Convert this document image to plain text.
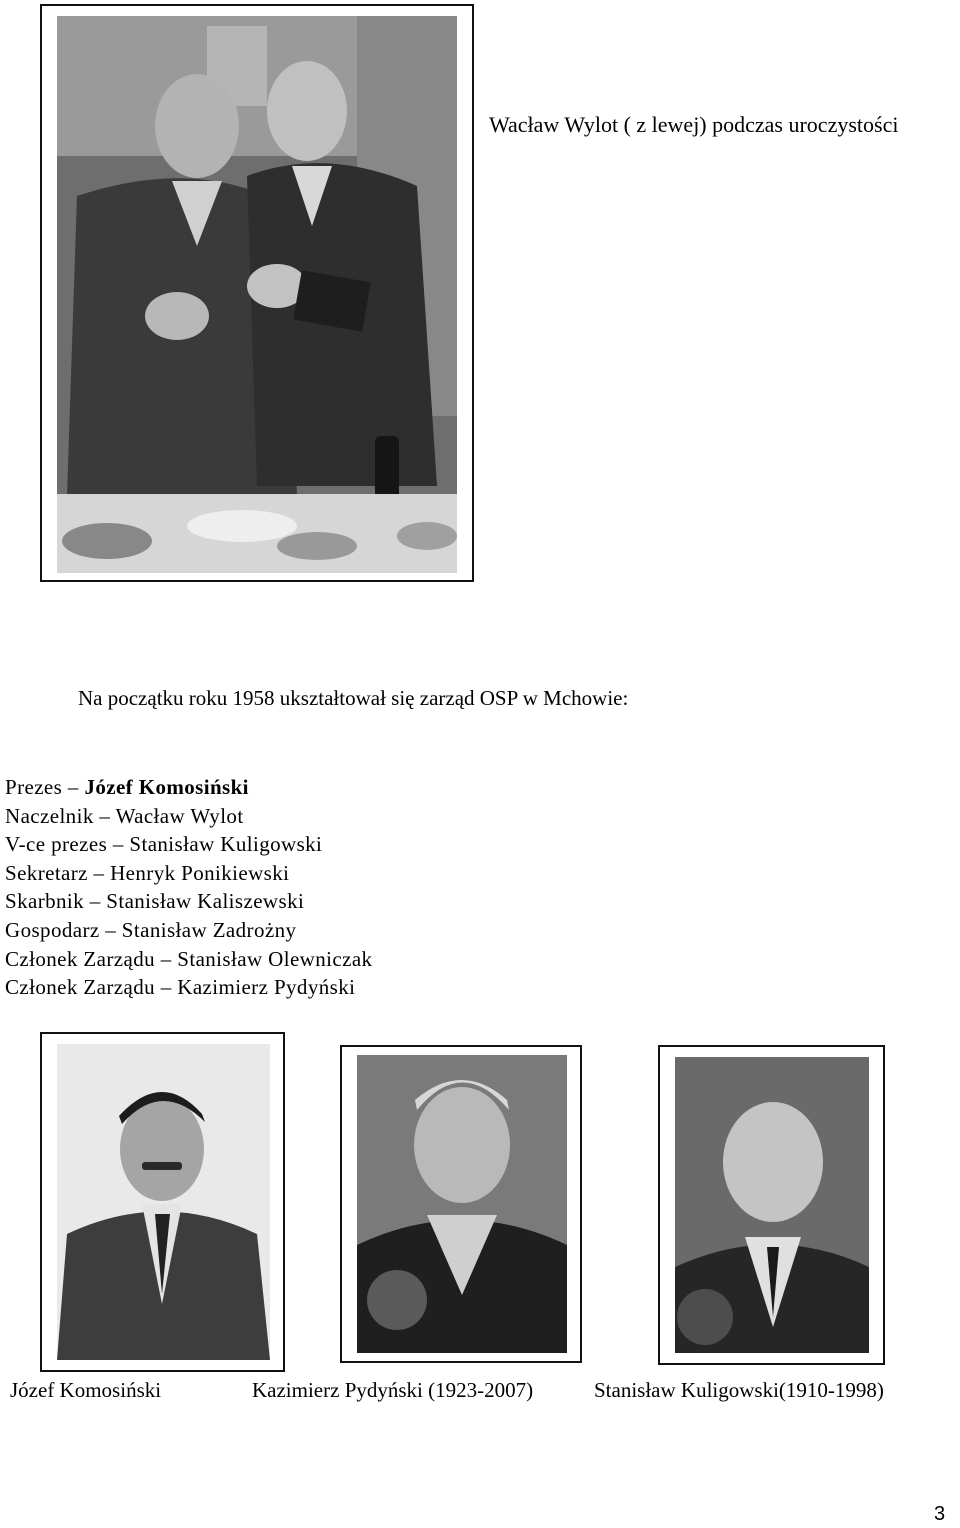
Wacław Wylot ( z lewej) podczas uroczystości
Na początku roku 1958 ukształtował się zarząd OSP w Mchowie:
Prezes – Józef Komosiński
Naczelnik – Wacław Wylot
V-ce prezes – Stanisław Kuligowski
Sekretarz – Henryk Ponikiewski
Skarbnik – Stanisław Kaliszewski
Gospodarz – Stanisław Zadrożny
Członek Zarządu – Stanisław Olewniczak
Członek Zarządu – Kazimierz Pydyński
Józef Komosiński	Kazimierz Pydyński (1923-2007)	Stanisław Kuligowski(1910-1998)
3
